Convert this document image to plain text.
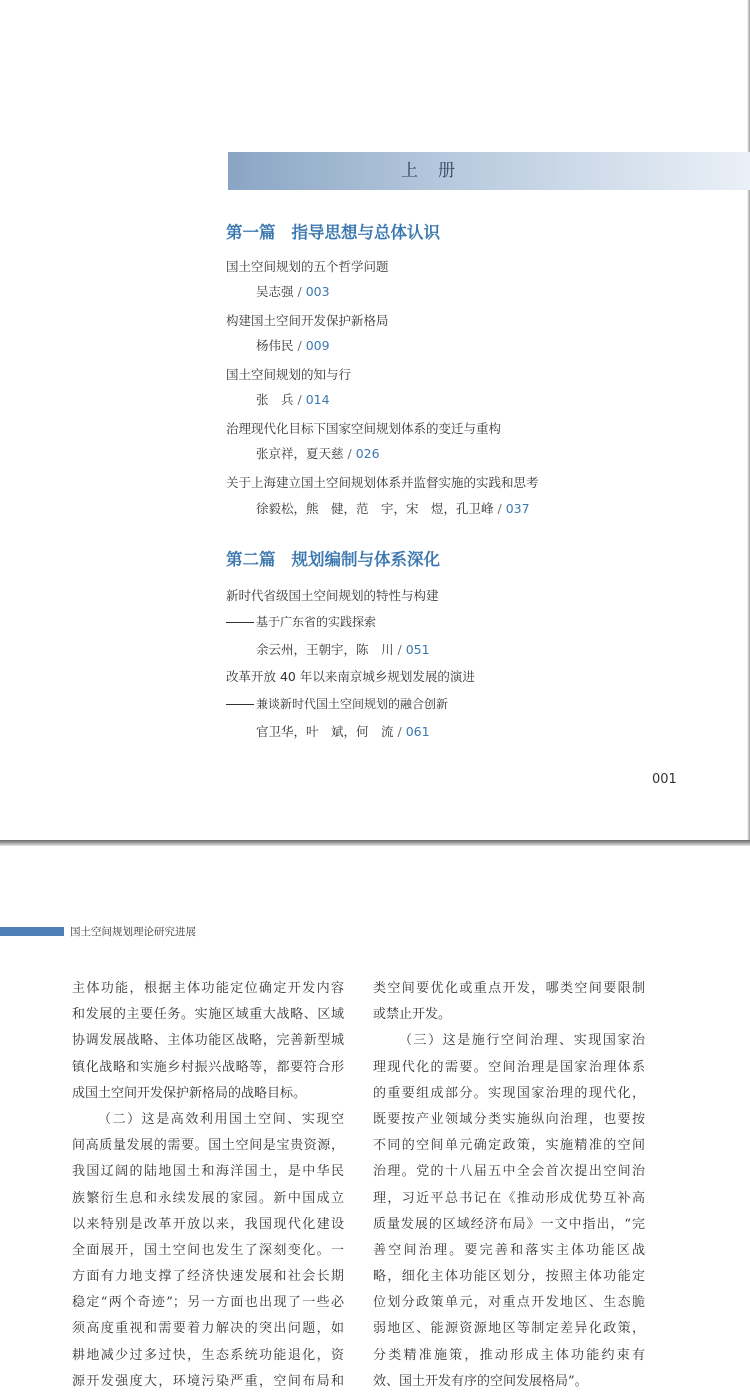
上册
第一篇 指导思想与总体认识
国土空间规划的五个哲学问题
吴志强 / 003
构建国土空间开发保护新格局
杨伟民 / 009
国土空间规划的知与行
张　兵 / 014
治理现代化目标下国家空间规划体系的变迁与重构
张京祥，夏天慈 / 026
关于上海建立国土空间规划体系并监督实施的实践和思考
徐毅松，熊　健，范　宇，宋　煜，孔卫峰 / 037
第二篇 规划编制与体系深化
新时代省级国土空间规划的特性与构建
基于广东省的实践探索
余云州，王朝宇，陈　川 / 051
改革开放 40 年以来南京城乡规划发展的演进
兼谈新时代国土空间规划的融合创新
官卫华，叶　斌，何　流 / 061
001
国土空间规划理论研究进展
主体功能，根据主体功能定位确定开发内容
和发展的主要任务。实施区域重大战略、区域
协调发展战略、主体功能区战略，完善新型城
镇化战略和实施乡村振兴战略等，都要符合形
成国土空间开发保护新格局的战略目标。
（二）这是高效利用国土空间、实现空
间高质量发展的需要。国土空间是宝贵资源，
我国辽阔的陆地国土和海洋国土，是中华民
族繁衍生息和永续发展的家园。新中国成立
以来特别是改革开放以来，我国现代化建设
全面展开，国土空间也发生了深刻变化。一
方面有力地支撑了经济快速发展和社会长期
稳定“两个奇迹”；另一方面也出现了一些必
须高度重视和需要着力解决的突出问题，如
耕地减少过多过快，生态系统功能退化，资
源开发强度大，环境污染严重，空间布局和
类空间要优化或重点开发，哪类空间要限制
或禁止开发。
（三）这是施行空间治理、实现国家治
理现代化的需要。空间治理是国家治理体系
的重要组成部分。实现国家治理的现代化，
既要按产业领域分类实施纵向治理，也要按
不同的空间单元确定政策，实施精准的空间
治理。党的十八届五中全会首次提出空间治
理，习近平总书记在《推动形成优势互补高
质量发展的区域经济布局》一文中指出，“完
善空间治理。要完善和落实主体功能区战
略，细化主体功能区划分，按照主体功能定
位划分政策单元，对重点开发地区、生态脆
弱地区、能源资源地区等制定差异化政策，
分类精准施策，推动形成主体功能约束有
效、国土开发有序的空间发展格局”。
